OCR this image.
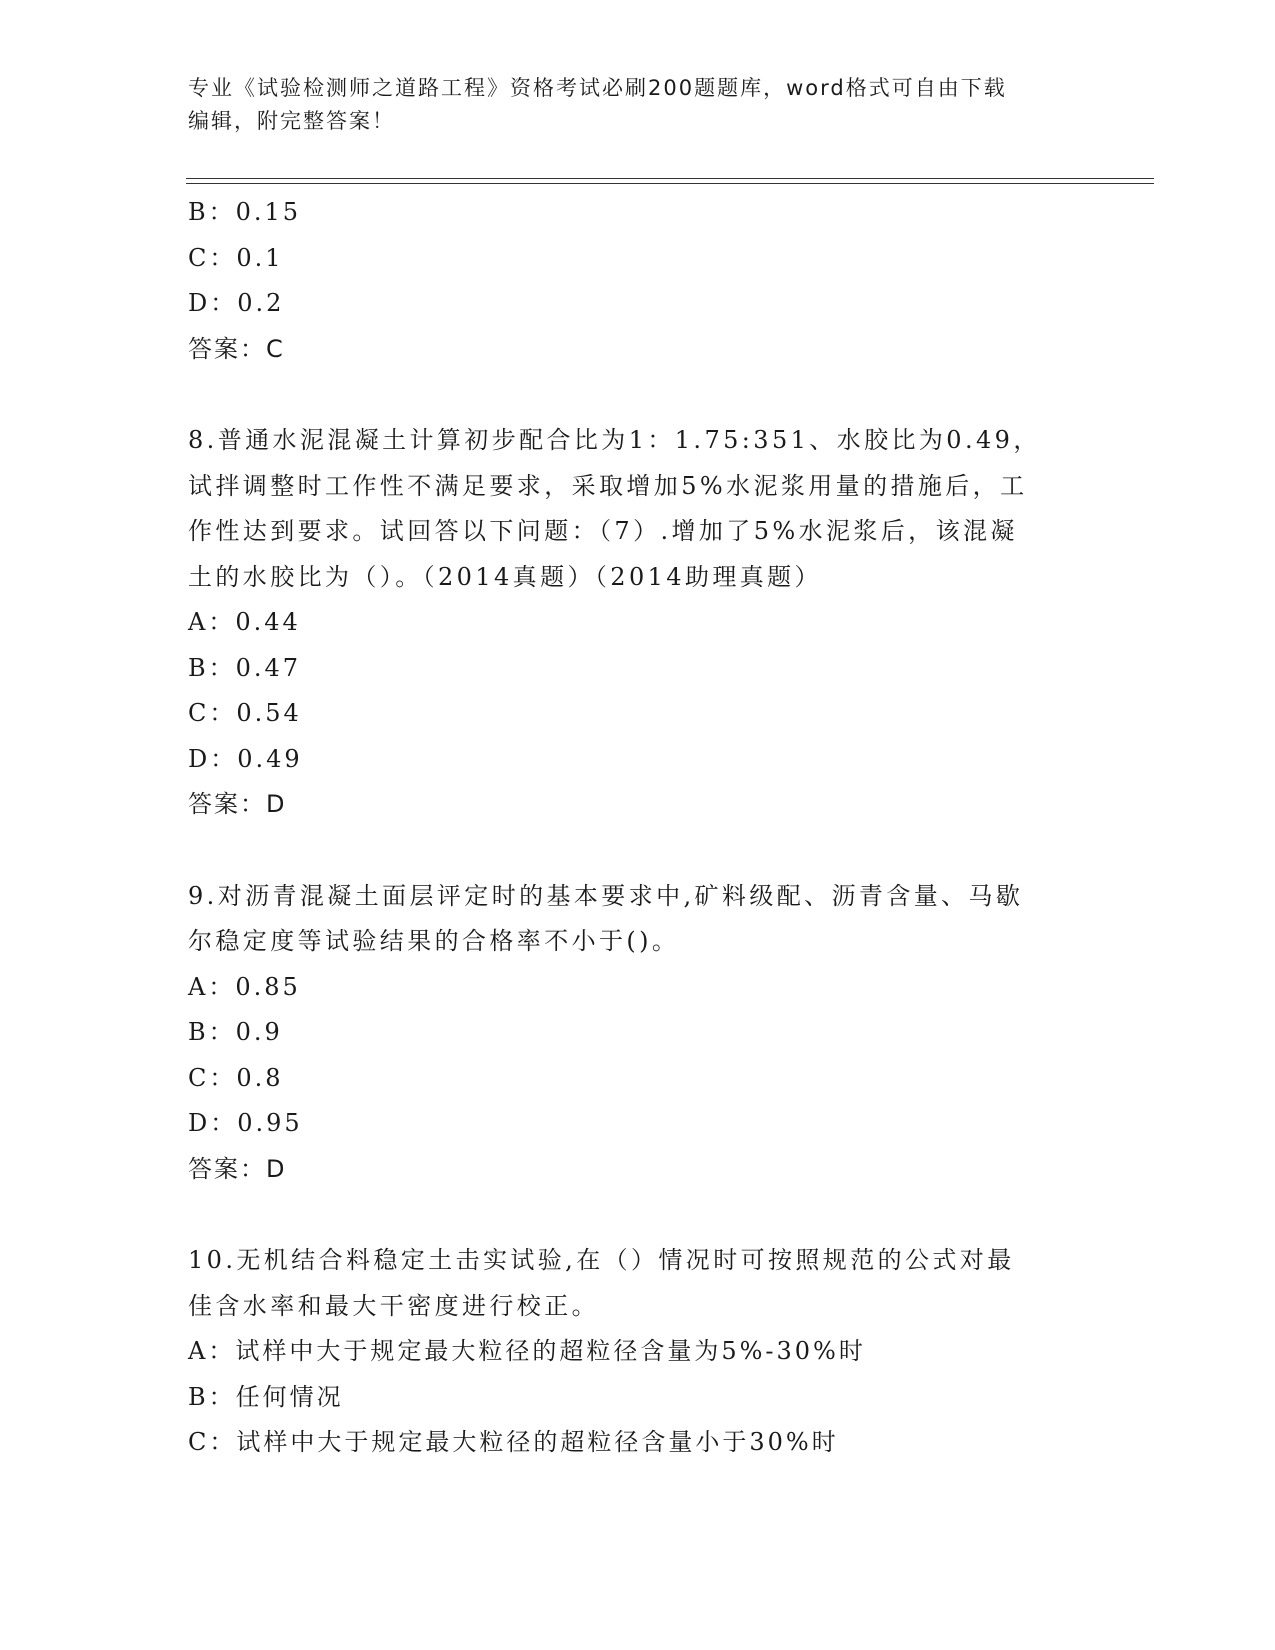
专业《试验检测师之道路工程》资格考试必刷200题题库，word格式可自由下载
编辑，附完整答案！
B：0.15
C：0.1
D：0.2
答案：C
8.普通水泥混凝土计算初步配合比为1：1.75:351、水胶比为0.49，
试拌调整时工作性不满足要求，采取增加5%水泥浆用量的措施后，工
作性达到要求。试回答以下问题：（7）.增加了5%水泥浆后，该混凝
土的水胶比为（）。（2014真题）（2014助理真题）
A：0.44
B：0.47
C：0.54
D：0.49
答案：D
9.对沥青混凝土面层评定时的基本要求中,矿料级配、沥青含量、马歇
尔稳定度等试验结果的合格率不小于()。
A：0.85
B：0.9
C：0.8
D：0.95
答案：D
10.无机结合料稳定土击实试验,在（）情况时可按照规范的公式对最
佳含水率和最大干密度进行校正。
A：试样中大于规定最大粒径的超粒径含量为5%-30%时
B：任何情况
C：试样中大于规定最大粒径的超粒径含量小于30%时
